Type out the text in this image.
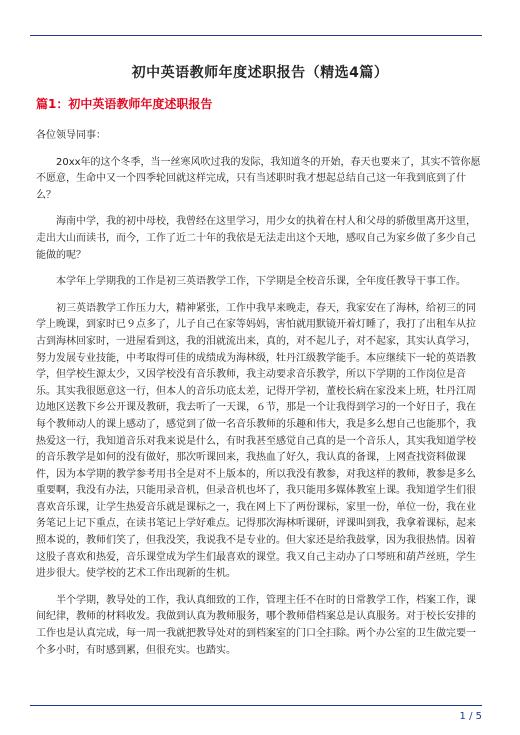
初中英语教师年度述职报告（精选4篇）
篇1：初中英语教师年度述职报告

各位领导同事：

20xx年的这个冬季，当一丝寒风吹过我的发际，我知道冬的开始，春天也要来了，其实不管你愿不愿意，生命中又一个四季轮回就这样完成，只有当述职时我才想起总结自己这一年我到底到了什么？

海南中学，我的初中母校，我曾经在这里学习，用少女的执着在村人和父母的骄傲里离开这里，走出大山而读书，而今，工作了近二十年的我依是无法走出这个天地，感叹自己为家乡做了多少自己能做的呢？

本学年上学期我的工作是初三英语教学工作，下学期是全校音乐课，全年度任教导干事工作。

初三英语教学工作压力大，精神紧张，工作中我早来晚走，春天，我家安在了海林，给初三的同学上晚课，到家时已９点多了，儿子自己在家等妈妈，害怕就用默镜开着灯睡了，我打了出租车从拉古到海林回家时，一进屋看到这，我的泪就流出来，真的，对不起儿子，对不起家，其实认真学习，努力发展专业技能，中考取得可佳的成绩成为海林级，牡丹江级教学能手。本应继续下一轮的英语教学，但学校生源太少，又因学校没有音乐教师，我主动要求音乐教学，所以下学期的工作岗位是音乐。其实我很愿意这一行，但本人的音乐功底太差，记得开学初，董校长病在家没来上班，牡丹江周边地区送教下乡公开课及教研，我去听了一天课，６节，那是一个让我得到学习的一个好日子，我在每个教师动人的课上感动了，感觉到了做一名音乐教师的乐趣和伟大，我是多么想自己也能那个，我热爱这一行，我知道音乐对我来说是什么，有时我甚至感觉自己真的是一个音乐人，其实我知道学校的音乐教学是如何的没有做好，那次听课回来，我热血了好久，我认真的备课，上网查找资料做课件，因为本学期的教学参考用书全是对不上版本的，所以我没有教参，对我这样的教师，教参是多么重要啊，我没有办法，只能用录音机，但录音机也坏了，我只能用多媒体教室上课。我知道学生们很喜欢音乐课，让学生热爱音乐就是课标之一，我在网上下了两份课标，家里一份，单位一份，我在业务笔记上记下重点，在读书笔记上学好难点。记得那次海林听课研，评课叫到我，我拿着课标，起来照本说的，教师们笑了，但我没笑，我说我不是专业的。但大家还是给我鼓掌，因为我很热情。因着这股子喜欢和热爱，音乐课堂成为学生们最喜欢的课堂。我又自己主动办了口琴班和葫芦丝班，学生进步很大。使学校的艺术工作出现新的生机。

半个学期，教导处的工作，我认真细致的工作，管理主任不在时的日常教学工作，档案工作，课间纪律，教师的材料收发。我做到认真为教师服务，哪个教师借档案总是认真服务。对于校长安排的工作也是认真完成，每一周一我就把教导处对的到档案室的门口全扫除。两个办公室的卫生做完要一个多小时，有时感到累，但很充实。也踏实。

1 / 5
